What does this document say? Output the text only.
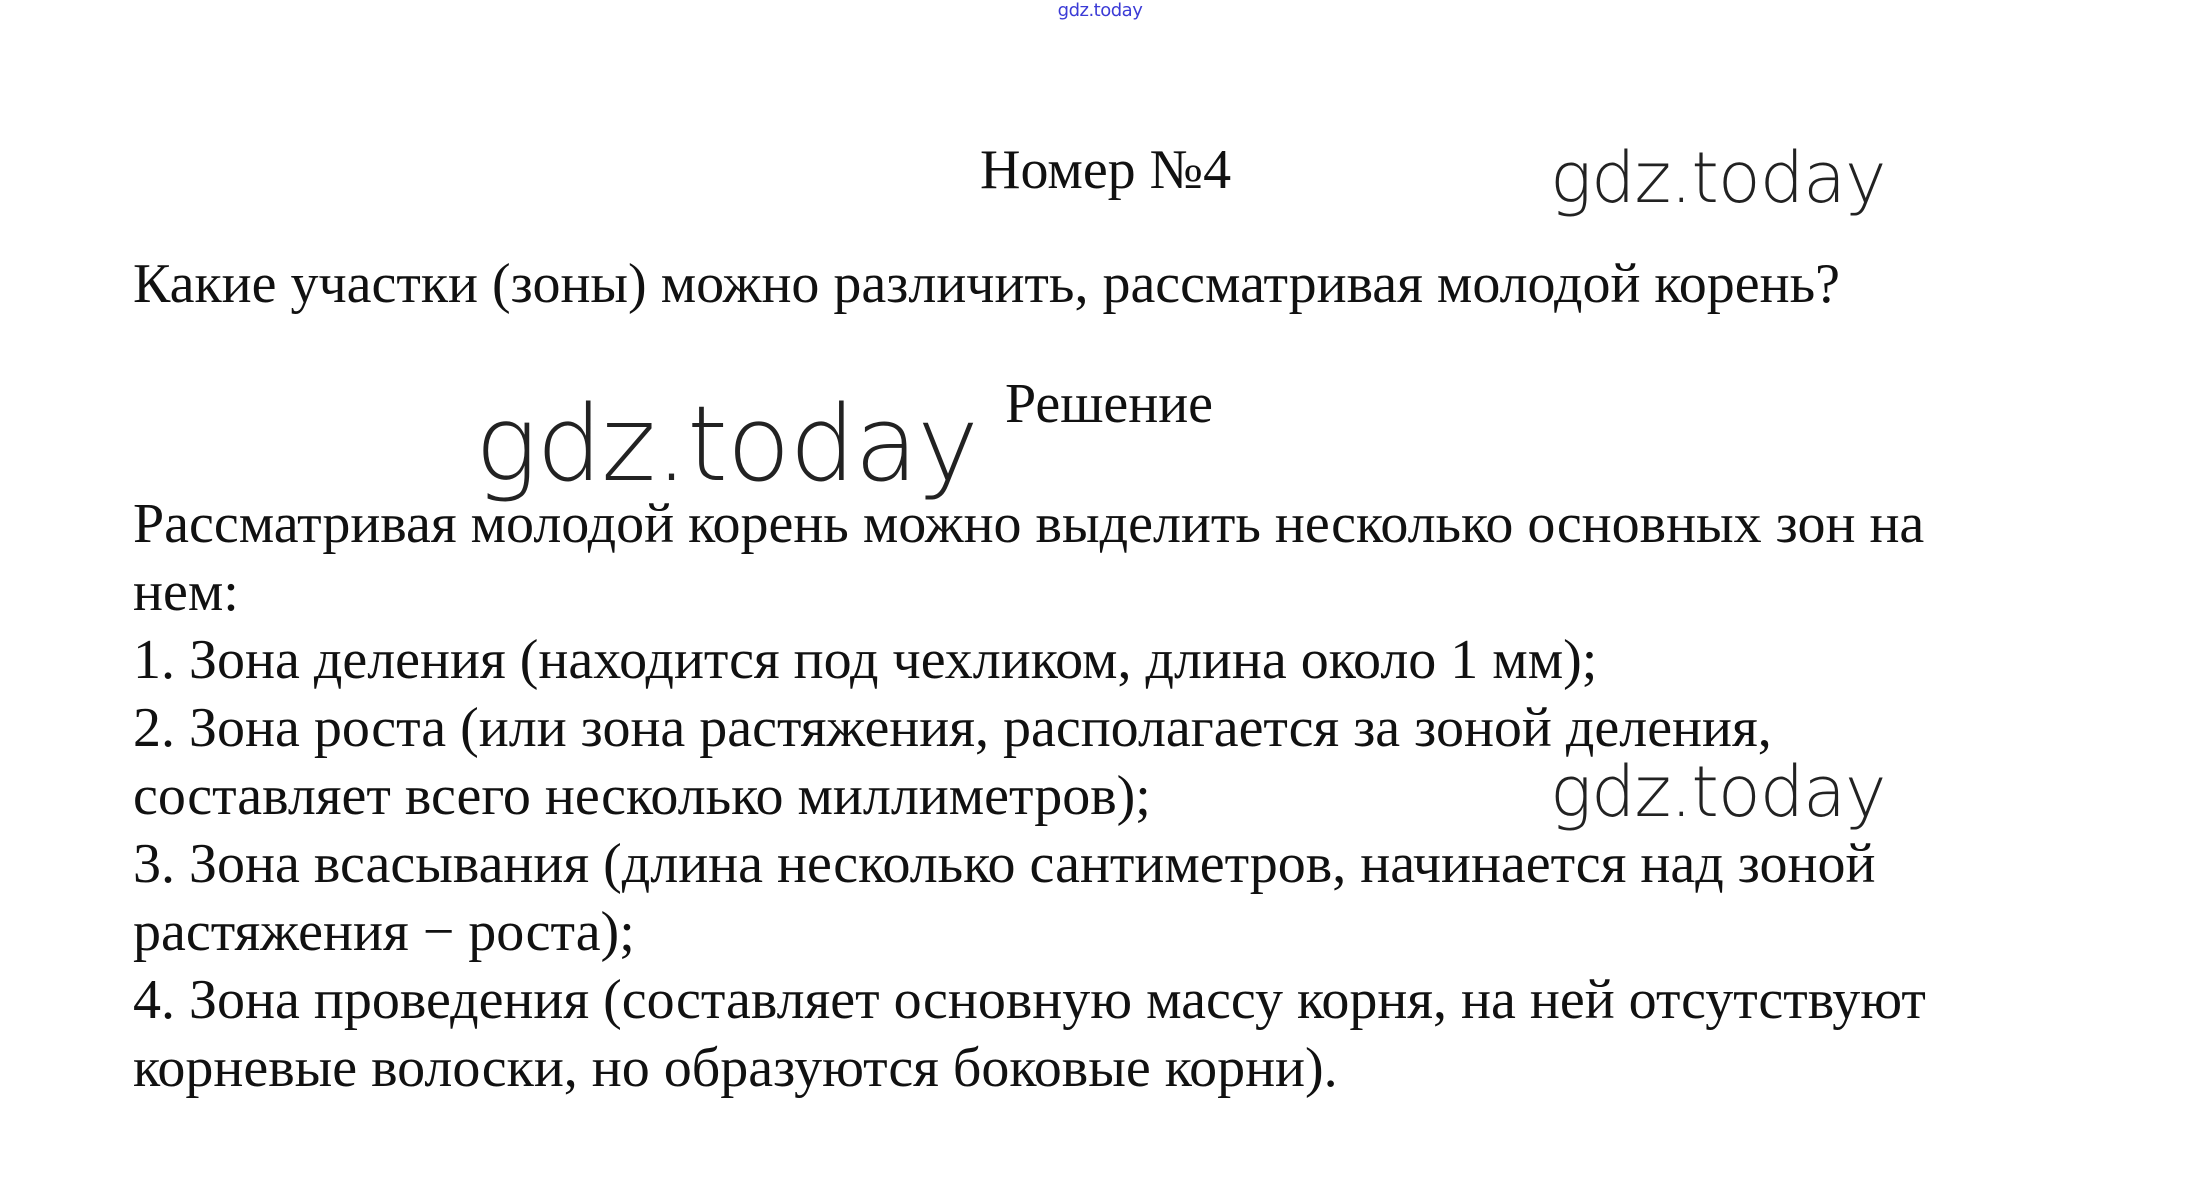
gdz.today
gdz.today
Номер №4
Какие участки (зоны) можно различить, рассматривая молодой корень?
gdz.today Решение
Рассматривая молодой корень можно выделить несколько основных зон на
нем:
1. Зона деления (находится под чехликом, длина около 1 мм);
2. Зона роста (или зона растяжения, располагается за зоной деления,
составляет всего несколько миллиметров);
3. Зона всасывания (длина несколько сантиметров, начинается над зоной
растяжения − роста);
4. Зона проведения (составляет основную массу корня, на ней отсутствуют
корневые волоски, но образуются боковые корни).
gdz.today
